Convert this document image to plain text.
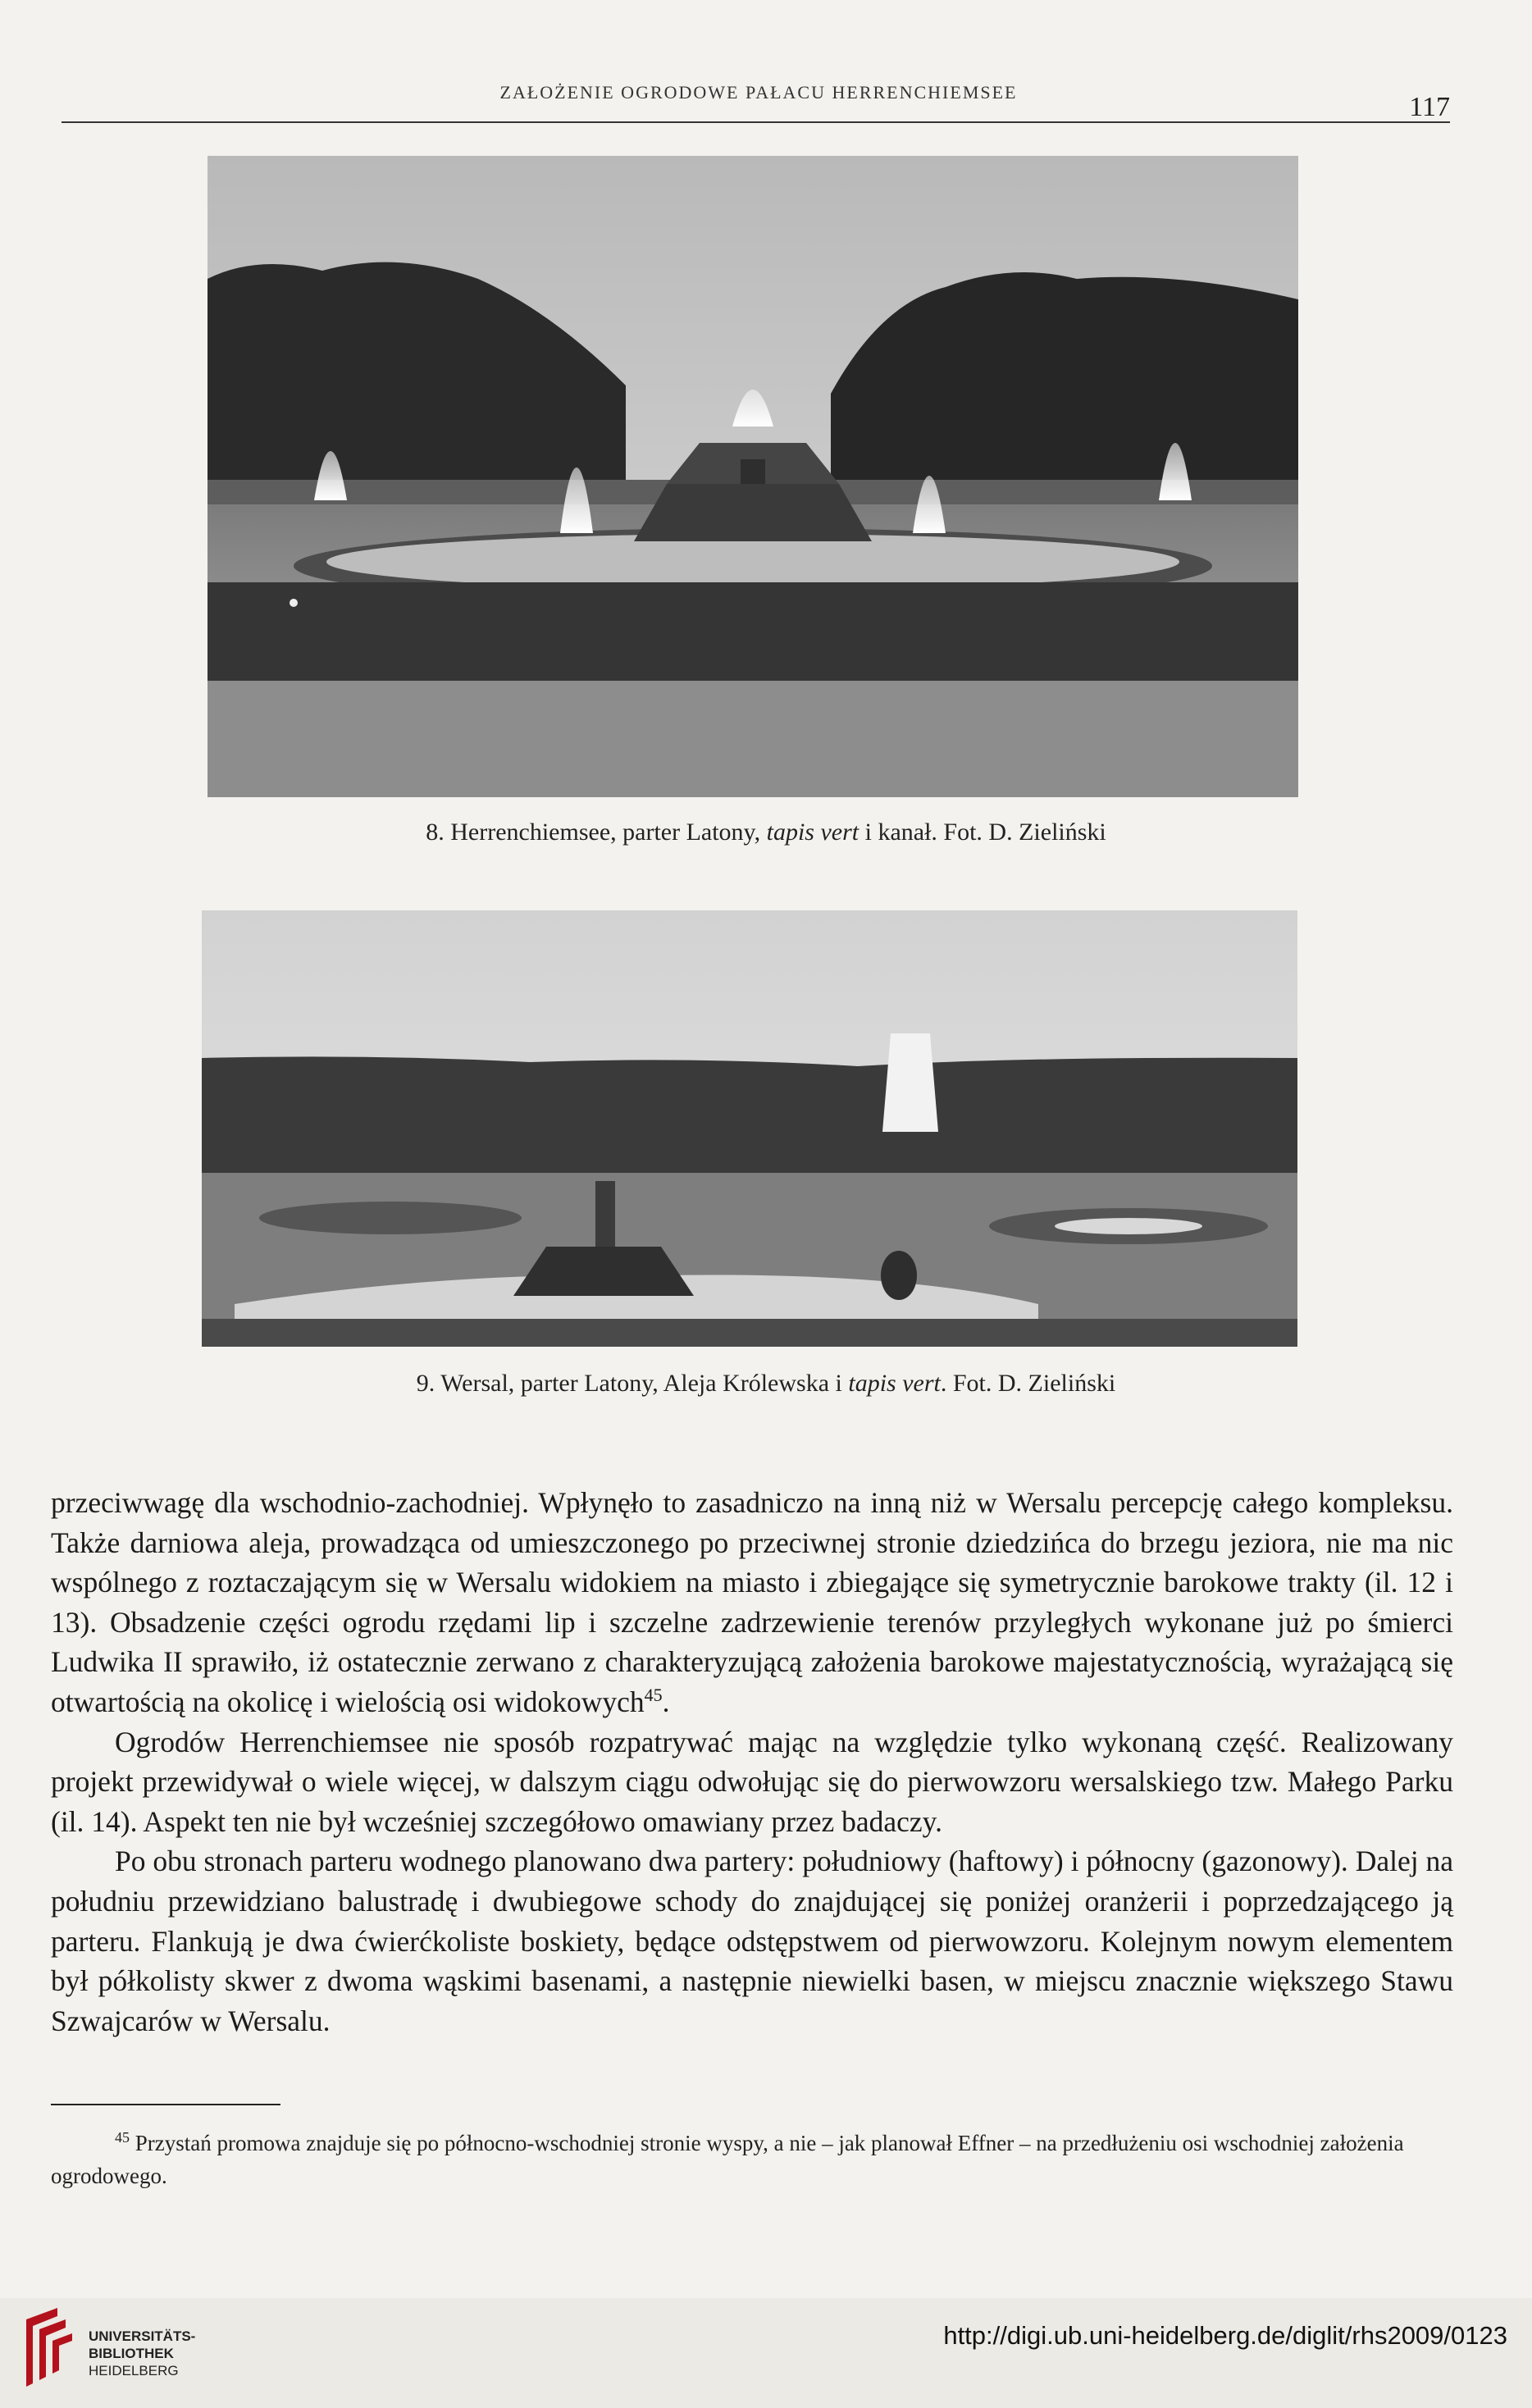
ZAŁOŻENIE OGRODOWE PAŁACU HERRENCHIEMSEE	117
8. Herrenchiemsee, parter Latony, tapis vert i kanał. Fot. D. Zieliński
9. Wersal, parter Latony, Aleja Królewska i tapis vert. Fot. D. Zieliński

przeciwwagę dla wschodnio-zachodniej. Wpłynęło to zasadniczo na inną niż w Wersalu percepcję całego kompleksu. Także darniowa aleja, prowadząca od umieszczonego po przeciwnej stronie dziedzińca do brzegu jeziora, nie ma nic wspólnego z roztaczającym się w Wersalu widokiem na miasto i zbiegające się symetrycznie barokowe trakty (il. 12 i 13). Obsadzenie części ogrodu rzędami lip i szczelne zadrzewienie terenów przyległych wykonane już po śmierci Ludwika II sprawiło, iż ostatecznie zerwano z charakteryzującą założenia barokowe majestatycznością, wyrażającą się otwartością na okolicę i wielością osi widokowych$^{45}$.

Ogrodów Herrenchiemsee nie sposób rozpatrywać mając na względzie tylko wykonaną część. Realizowany projekt przewidywał o wiele więcej, w dalszym ciągu odwołując się do pierwowzoru wersalskiego tzw. Małego Parku (il. 14). Aspekt ten nie był wcześniej szczegółowo omawiany przez badaczy.

Po obu stronach parteru wodnego planowano dwa partery: południowy (haftowy) i północny (gazonowy). Dalej na południu przewidziano balustradę i dwubiegowe schody do znajdującej się poniżej oranżerii i poprzedzającego ją parteru. Flankują je dwa ćwierćkoliste boskiety, będące odstępstwem od pierwowzoru. Kolejnym nowym elementem był półkolisty skwer z dwoma wąskimi basenami, a następnie niewielki basen, w miejscu znacznie większego Stawu Szwajcarów w Wersalu.

$^{45}$ Przystań promowa znajduje się po północno-wschodniej stronie wyspy, a nie – jak planował Effner – na przedłużeniu osi wschodniej założenia ogrodowego.
UNIVERSITÄTS-
BIBLIOTHEK
HEIDELBERG
http://digi.ub.uni-heidelberg.de/diglit/rhs2009/0123
